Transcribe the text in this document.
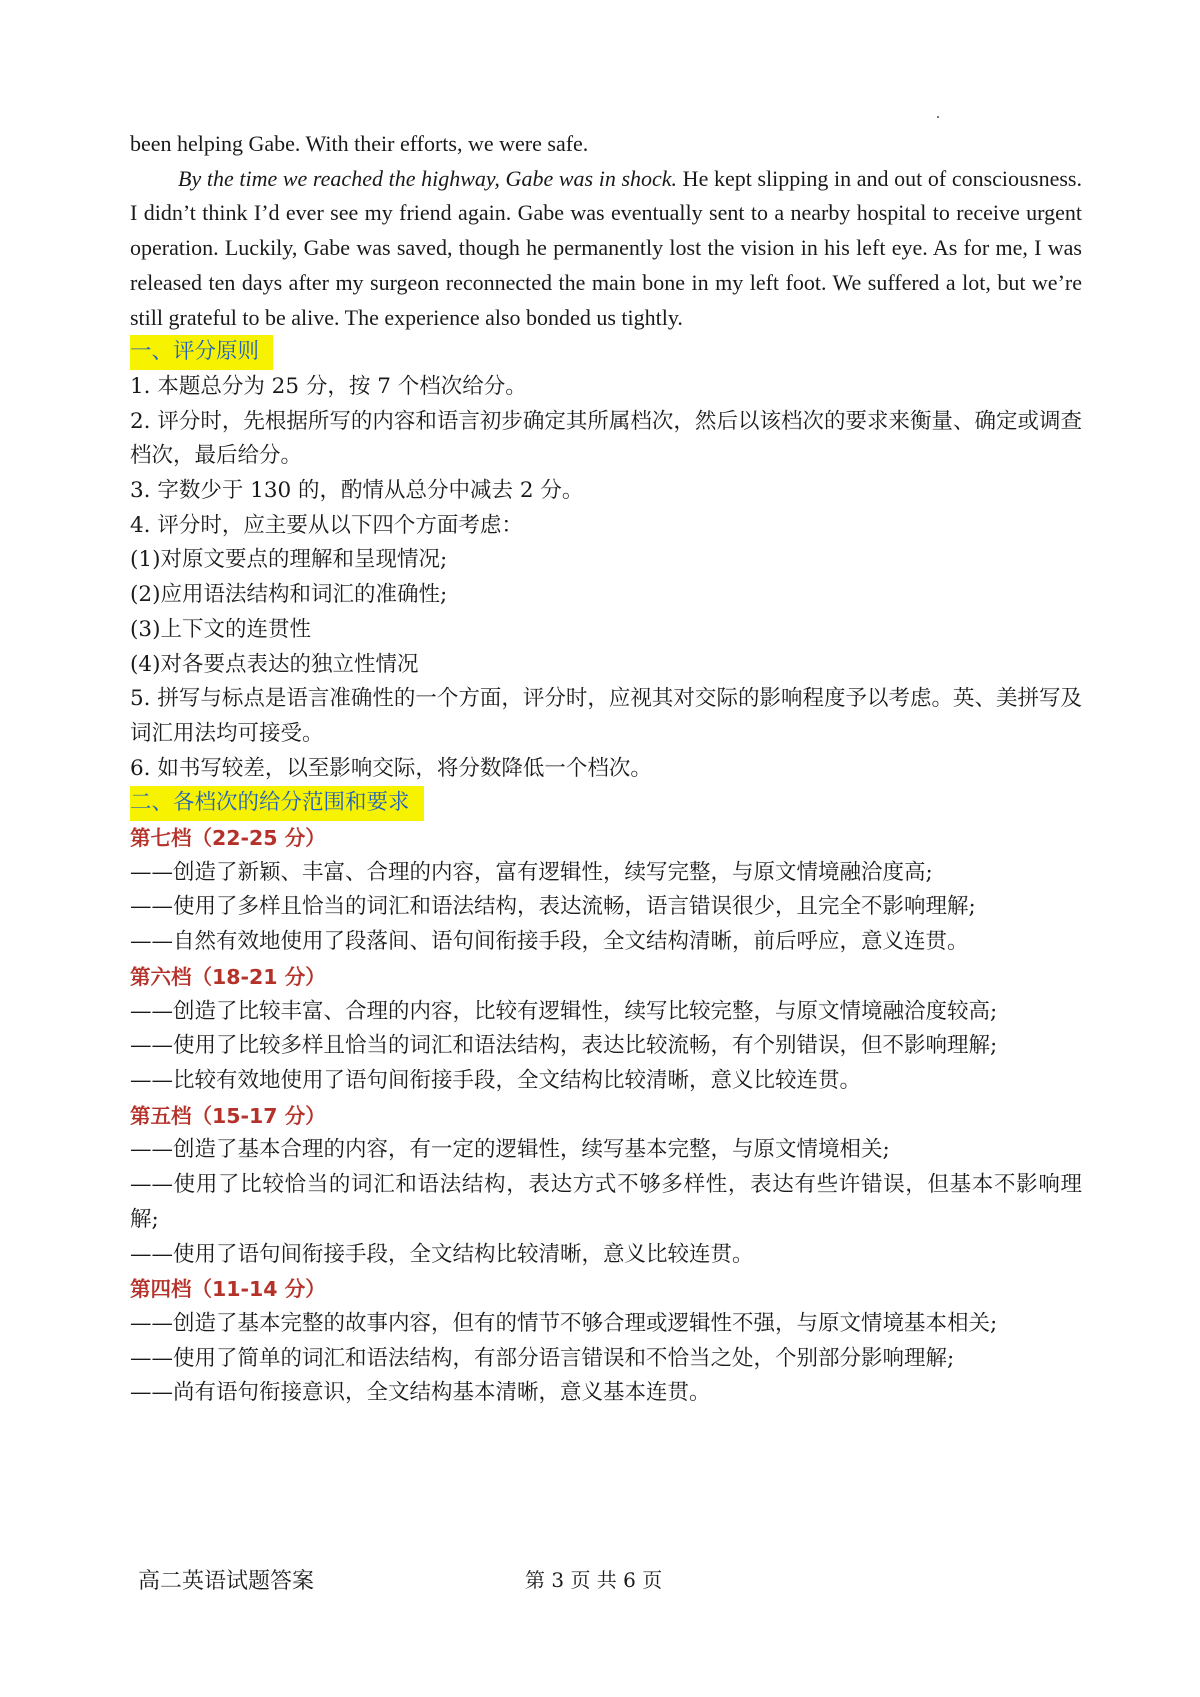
been helping Gabe. With their efforts, we were safe.

By the time we reached the highway, Gabe was in shock. He kept slipping in and out of consciousness. I didn’t think I’d ever see my friend again. Gabe was eventually sent to a nearby hospital to receive urgent operation. Luckily, Gabe was saved, though he permanently lost the vision in his left eye. As for me, I was released ten days after my surgeon reconnected the main bone in my left foot. We suffered a lot, but we’re still grateful to be alive. The experience also bonded us tightly.

一、评分原则

1. 本题总分为 25 分，按 7 个档次给分。

2. 评分时，先根据所写的内容和语言初步确定其所属档次，然后以该档次的要求来衡量、确定或调查档次，最后给分。

3. 字数少于 130 的，酌情从总分中减去 2 分。

4. 评分时，应主要从以下四个方面考虑：

(1)对原文要点的理解和呈现情况;

(2)应用语法结构和词汇的准确性;

(3)上下文的连贯性

(4)对各要点表达的独立性情况

5. 拼写与标点是语言准确性的一个方面，评分时，应视其对交际的影响程度予以考虑。英、美拼写及词汇用法均可接受。

6. 如书写较差，以至影响交际，将分数降低一个档次。

二、各档次的给分范围和要求

第七档（22-25 分）

——创造了新颖、丰富、合理的内容，富有逻辑性，续写完整，与原文情境融洽度高;

——使用了多样且恰当的词汇和语法结构，表达流畅，语言错误很少，且完全不影响理解;

——自然有效地使用了段落间、语句间衔接手段，全文结构清晰，前后呼应，意义连贯。

第六档（18-21 分）

——创造了比较丰富、合理的内容，比较有逻辑性，续写比较完整，与原文情境融洽度较高;

——使用了比较多样且恰当的词汇和语法结构，表达比较流畅，有个别错误，但不影响理解;

——比较有效地使用了语句间衔接手段，全文结构比较清晰，意义比较连贯。

第五档（15-17 分）

——创造了基本合理的内容，有一定的逻辑性，续写基本完整，与原文情境相关;

——使用了比较恰当的词汇和语法结构，表达方式不够多样性，表达有些许错误，但基本不影响理解;

——使用了语句间衔接手段，全文结构比较清晰，意义比较连贯。

第四档（11-14 分）

——创造了基本完整的故事内容，但有的情节不够合理或逻辑性不强，与原文情境基本相关;

——使用了简单的词汇和语法结构，有部分语言错误和不恰当之处，个别部分影响理解;

——尚有语句衔接意识，全文结构基本清晰，意义基本连贯。

高二英语试题答案	第 3 页 共 6 页
